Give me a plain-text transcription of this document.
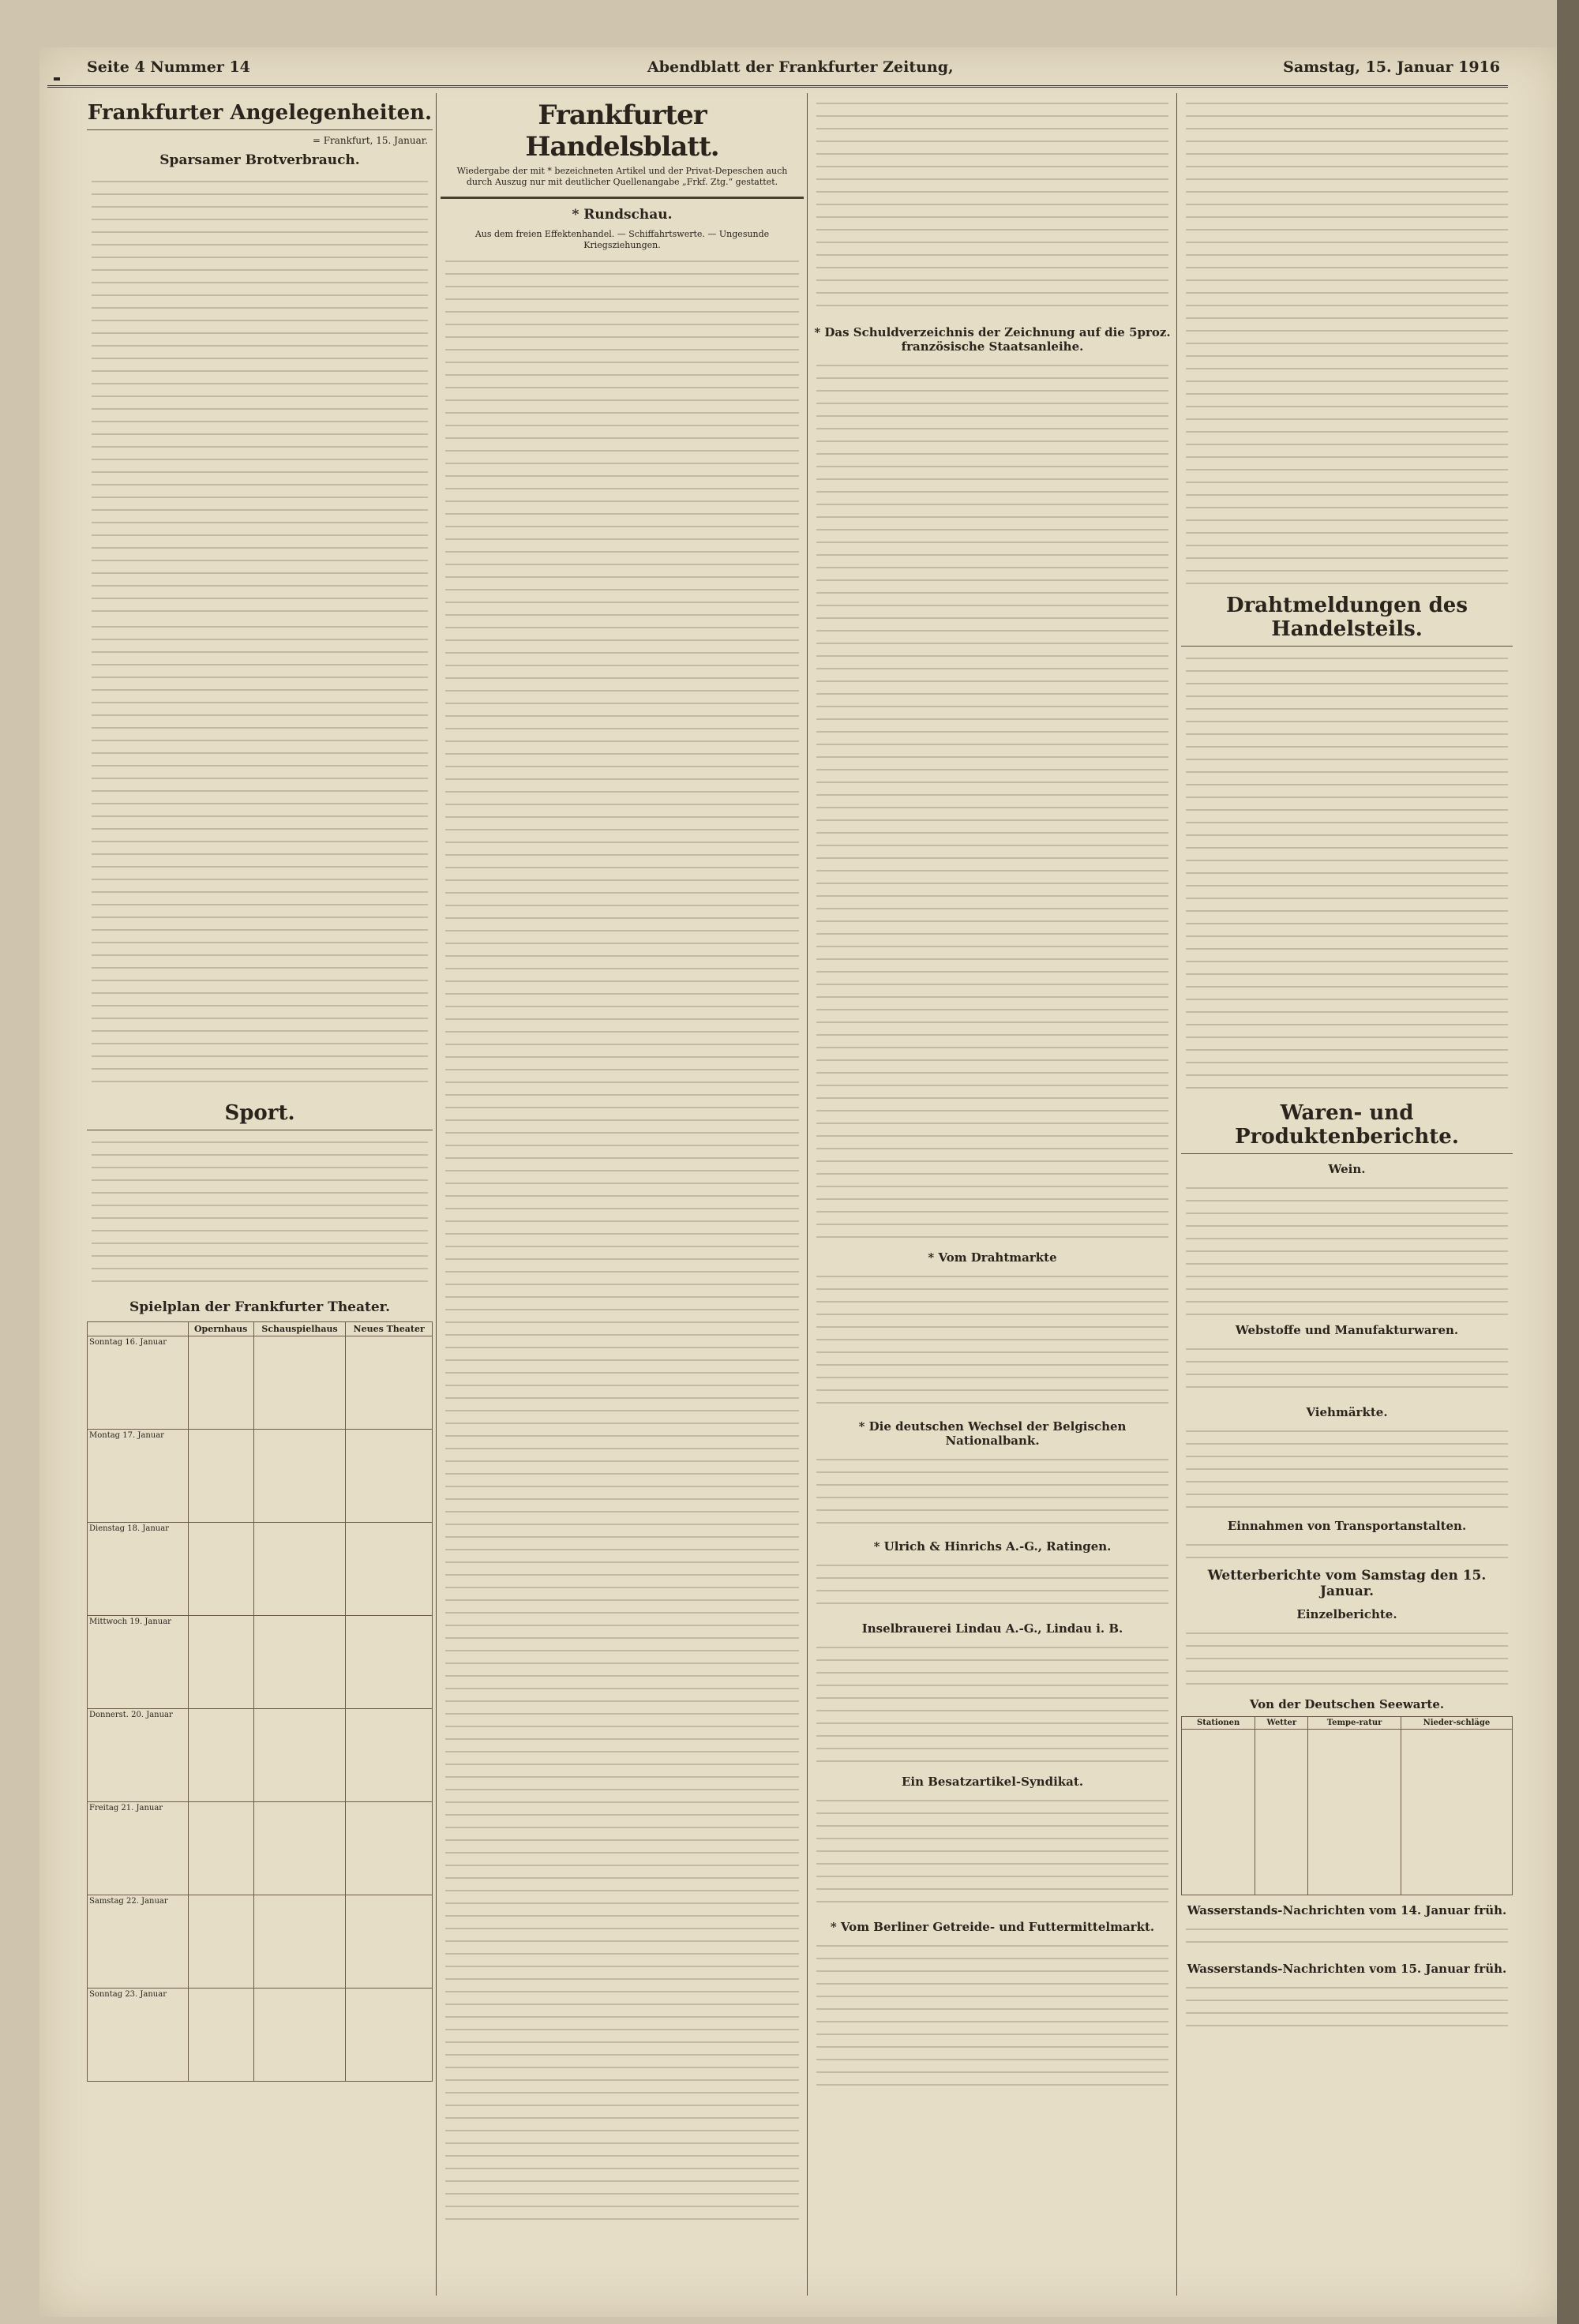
Seite 4 Nummer 14	Abendblatt der Frankfurter Zeitung,	Samstag, 15. Januar 1916
Frankfurter Angelegenheiten.
= Frankfurt, 15. Januar.
Sparsamer Brotverbrauch.
Sport.
Spielplan der Frankfurter Theater.
	Opernhaus	Schauspielhaus	Neues Theater
Sonntag 16. Januar			
Montag 17. Januar			
Dienstag 18. Januar			
Mittwoch 19. Januar			
Donnerst. 20. Januar			
Freitag 21. Januar			
Samstag 22. Januar			
Sonntag 23. Januar			
Frankfurter Handelsblatt.
Wiedergabe der mit * bezeichneten Artikel und der Privat-Depeschen auch durch Auszug nur mit deutlicher Quellenangabe „Frkf. Ztg.“ gestattet.
* Rundschau.
Aus dem freien Effektenhandel. — Schiffahrtswerte. — Ungesunde Kriegsziehungen.
* Das Schuldverzeichnis der Zeichnung auf die 5proz. französische Staatsanleihe.
* Vom Drahtmarkte
* Die deutschen Wechsel der Belgischen Nationalbank.
* Ulrich & Hinrichs A.-G., Ratingen.
Inselbrauerei Lindau A.-G., Lindau i. B.
Ein Besatzartikel-Syndikat.
* Vom Berliner Getreide- und Futtermittelmarkt.
Drahtmeldungen des Handelsteils.
Waren- und Produktenberichte.
Wein.
Webstoffe und Manufakturwaren.
Viehmärkte.
Einnahmen von Transportanstalten.
Wetterberichte vom Samstag den 15. Januar.
Einzelberichte.
Von der Deutschen Seewarte.
Stationen	Wetter	Tempe-ratur	Nieder-schläge

Wasserstands-Nachrichten vom 14. Januar früh.
Wasserstands-Nachrichten vom 15. Januar früh.
